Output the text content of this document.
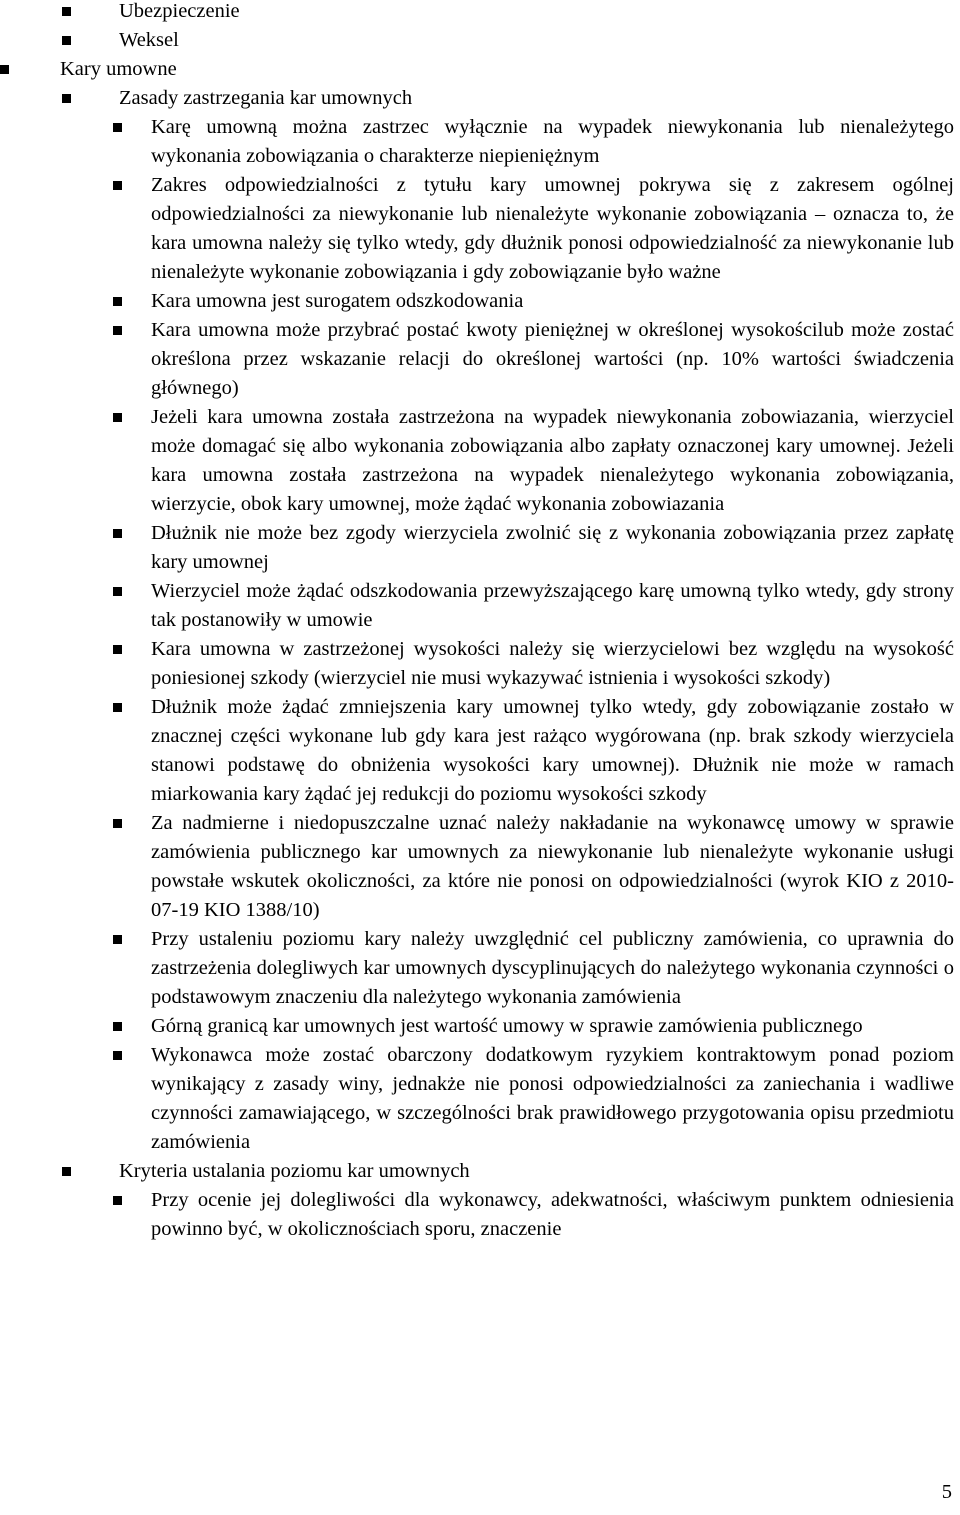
Ubezpieczenie
Weksel
Kary umowne
Zasady zastrzegania kar umownych
Karę umowną można zastrzec wyłącznie na wypadek niewykonania lub nienależytego wykonania zobowiązania o charakterze niepieniężnym
Zakres odpowiedzialności z tytułu kary umownej pokrywa się z zakresem ogólnej odpowiedzialności za niewykonanie lub nienależyte wykonanie zobowiązania – oznacza to, że kara umowna należy się tylko wtedy, gdy dłużnik ponosi odpowiedzialność za niewykonanie lub nienależyte wykonanie zobowiązania i gdy zobowiązanie było ważne
Kara umowna jest surogatem odszkodowania
Kara umowna może przybrać postać kwoty pieniężnej w określonej wysokościlub może zostać określona przez wskazanie relacji do określonej wartości (np. 10% wartości świadczenia głównego)
Jeżeli kara umowna została zastrzeżona na wypadek niewykonania zobowiazania, wierzyciel może domagać się albo wykonania zobowiązania albo zapłaty oznaczonej kary umownej. Jeżeli kara umowna została zastrzeżona na wypadek nienależytego wykonania zobowiązania, wierzycie, obok kary umownej, może żądać wykonania zobowiazania
Dłużnik nie może bez zgody wierzyciela zwolnić się z wykonania zobowiązania przez zapłatę kary umownej
Wierzyciel może żądać odszkodowania przewyższającego karę umowną tylko wtedy, gdy strony tak postanowiły w umowie
Kara umowna w zastrzeżonej wysokości należy się wierzycielowi bez względu na wysokość poniesionej szkody (wierzyciel nie musi wykazywać istnienia i wysokości szkody)
Dłużnik może żądać zmniejszenia kary umownej tylko wtedy, gdy zobowiązanie zostało w znacznej części wykonane lub gdy kara jest rażąco wygórowana (np. brak szkody wierzyciela stanowi podstawę do obniżenia wysokości kary umownej). Dłużnik nie może w ramach miarkowania kary żądać jej redukcji do poziomu wysokości szkody
Za nadmierne i niedopuszczalne uznać należy nakładanie na wykonawcę umowy w sprawie zamówienia publicznego kar umownych za niewykonanie lub nienależyte wykonanie usługi powstałe wskutek okoliczności, za które nie ponosi on odpowiedzialności (wyrok KIO z 2010-07-19 KIO 1388/10)
Przy ustaleniu poziomu kary należy uwzględnić cel publiczny zamówienia, co uprawnia do zastrzeżenia dolegliwych kar umownych dyscyplinujących do należytego wykonania czynności o podstawowym znaczeniu dla należytego wykonania zamówienia
Górną granicą kar umownych jest wartość umowy w sprawie zamówienia publicznego
Wykonawca może zostać obarczony dodatkowym ryzykiem kontraktowym ponad poziom wynikający z zasady winy, jednakże nie ponosi odpowiedzialności za zaniechania i wadliwe czynności zamawiającego, w szczególności brak prawidłowego przygotowania opisu przedmiotu zamówienia
Kryteria ustalania poziomu kar umownych
Przy ocenie jej dolegliwości dla wykonawcy, adekwatności, właściwym punktem odniesienia powinno być, w okolicznościach sporu, znaczenie
5
